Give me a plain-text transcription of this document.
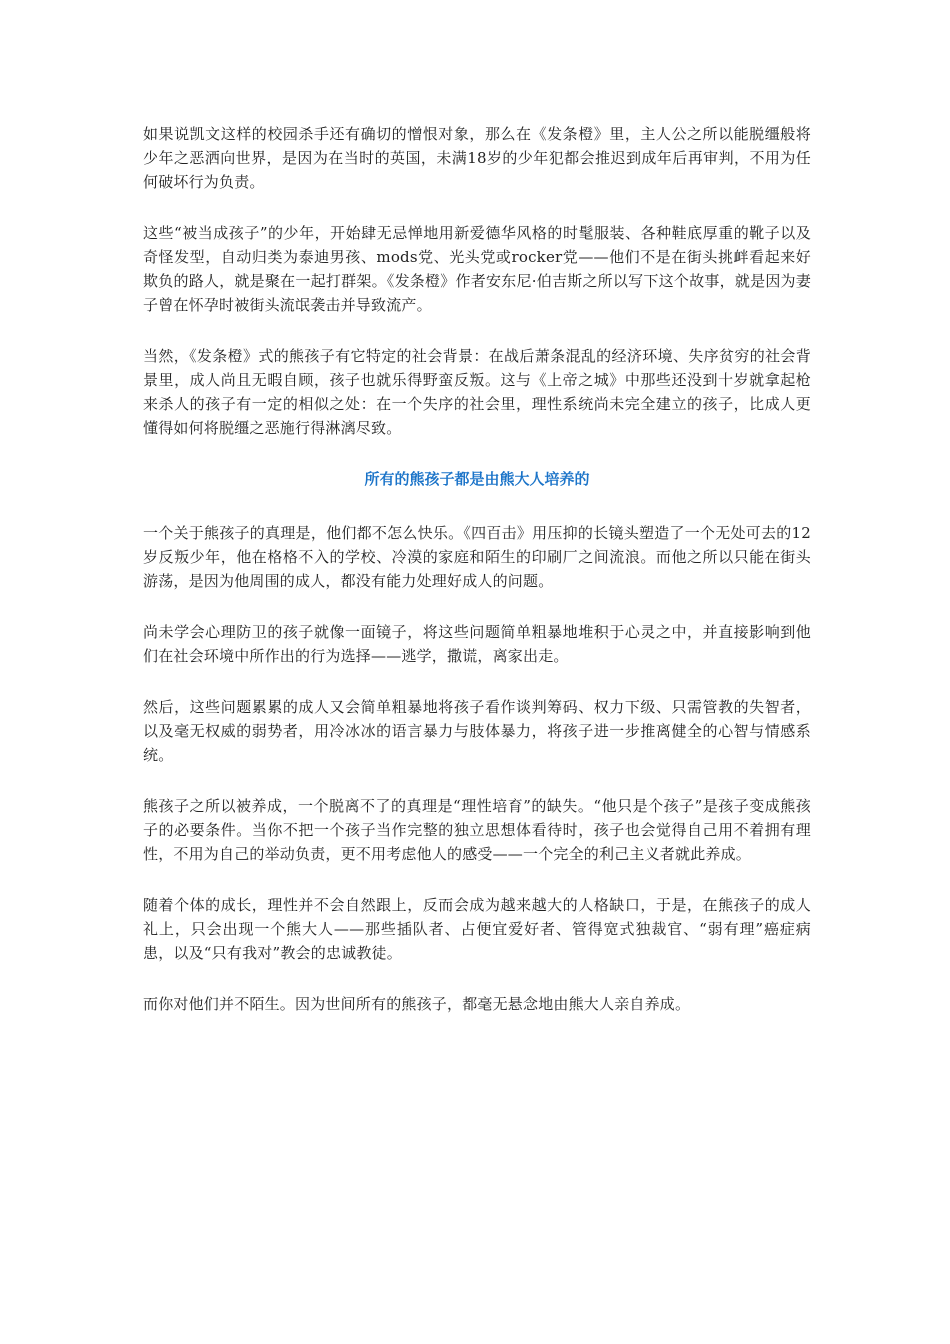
如果说凯文这样的校园杀手还有确切的憎恨对象，那么在《发条橙》里，主人公之所以能脱缰般将少年之恶洒向世界，是因为在当时的英国，未满18岁的少年犯都会推迟到成年后再审判，不用为任何破坏行为负责。

这些“被当成孩子”的少年，开始肆无忌惮地用新爱德华风格的时髦服装、各种鞋底厚重的靴子以及奇怪发型，自动归类为泰迪男孩、mods党、光头党或rocker党——他们不是在街头挑衅看起来好欺负的路人，就是聚在一起打群架。《发条橙》作者安东尼·伯吉斯之所以写下这个故事，就是因为妻子曾在怀孕时被街头流氓袭击并导致流产。

当然，《发条橙》式的熊孩子有它特定的社会背景：在战后萧条混乱的经济环境、失序贫穷的社会背景里，成人尚且无暇自顾，孩子也就乐得野蛮反叛。这与《上帝之城》中那些还没到十岁就拿起枪来杀人的孩子有一定的相似之处：在一个失序的社会里，理性系统尚未完全建立的孩子，比成人更懂得如何将脱缰之恶施行得淋漓尽致。

所有的熊孩子都是由熊大人培养的

一个关于熊孩子的真理是，他们都不怎么快乐。《四百击》用压抑的长镜头塑造了一个无处可去的12岁反叛少年，他在格格不入的学校、冷漠的家庭和陌生的印刷厂之间流浪。而他之所以只能在街头游荡，是因为他周围的成人，都没有能力处理好成人的问题。

尚未学会心理防卫的孩子就像一面镜子，将这些问题简单粗暴地堆积于心灵之中，并直接影响到他们在社会环境中所作出的行为选择——逃学，撒谎，离家出走。

然后，这些问题累累的成人又会简单粗暴地将孩子看作谈判筹码、权力下级、只需管教的失智者，以及毫无权威的弱势者，用冷冰冰的语言暴力与肢体暴力，将孩子进一步推离健全的心智与情感系统。

熊孩子之所以被养成，一个脱离不了的真理是“理性培育”的缺失。“他只是个孩子”是孩子变成熊孩子的必要条件。当你不把一个孩子当作完整的独立思想体看待时，孩子也会觉得自己用不着拥有理性，不用为自己的举动负责，更不用考虑他人的感受——一个完全的利己主义者就此养成。

随着个体的成长，理性并不会自然跟上，反而会成为越来越大的人格缺口，于是，在熊孩子的成人礼上，只会出现一个熊大人——那些插队者、占便宜爱好者、管得宽式独裁官、“弱有理”癌症病患，以及“只有我对”教会的忠诚教徒。

而你对他们并不陌生。因为世间所有的熊孩子，都毫无悬念地由熊大人亲自养成。
